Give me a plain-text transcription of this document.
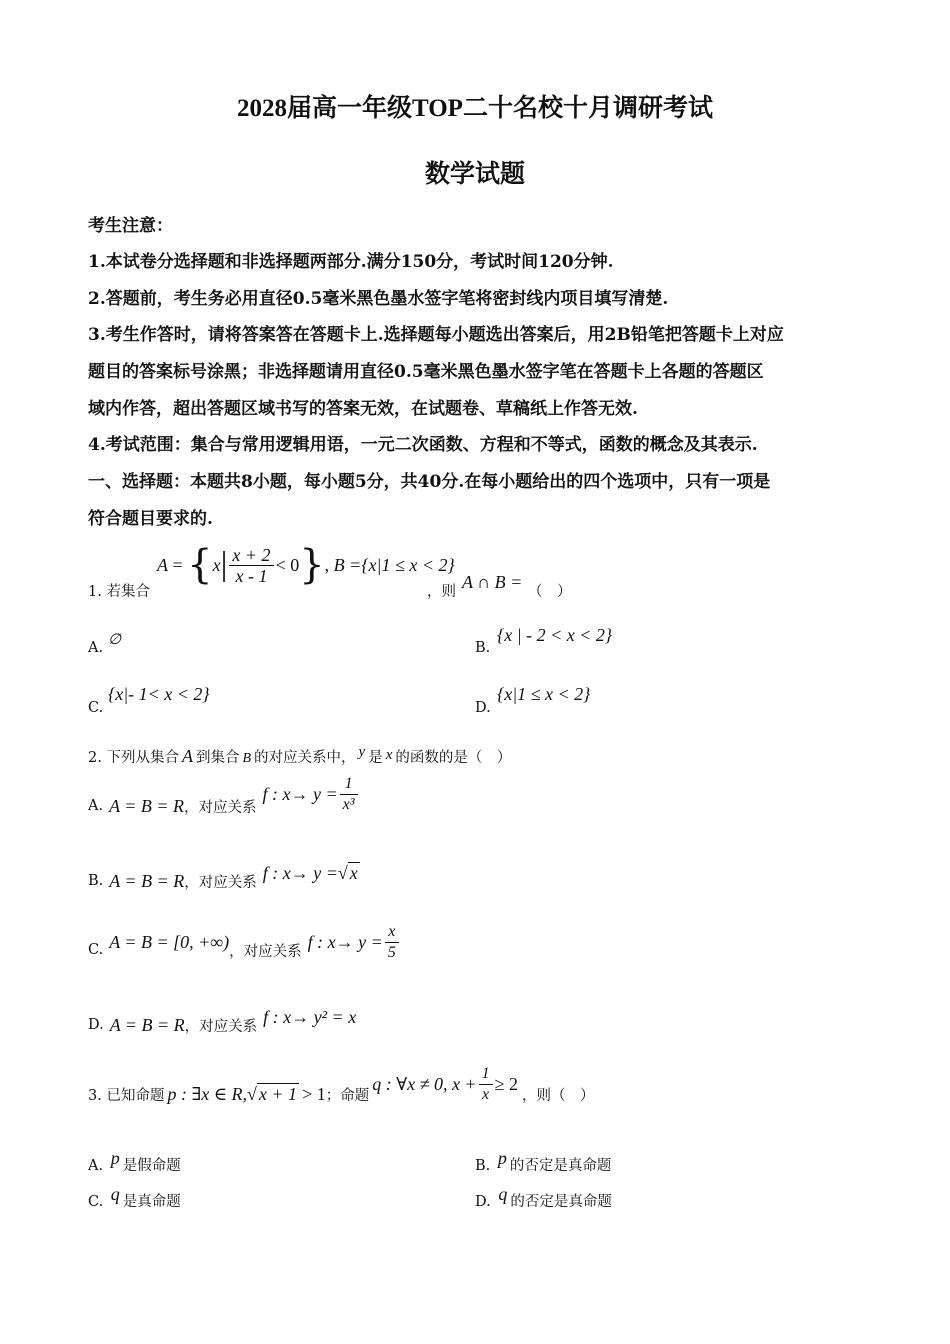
2028届高一年级TOP二十名校十月调研考试
数学试题
考生注意：
1.本试卷分选择题和非选择题两部分.满分150分，考试时间120分钟.
2.答题前，考生务必用直径0.5毫米黑色墨水签字笔将密封线内项目填写清楚.
3.考生作答时，请将答案答在答题卡上.选择题每小题选出答案后，用2B铅笔把答题卡上对应
题目的答案标号涂黑；非选择题请用直径0.5毫米黑色墨水签字笔在答题卡上各题的答题区
域内作答，超出答题区域书写的答案无效，在试题卷、草稿纸上作答无效.
4.考试范围：集合与常用逻辑用语，一元二次函数、方程和不等式，函数的概念及其表示.
一、选择题：本题共8小题，每小题5分，共40分.在每小题给出的四个选项中，只有一项是
符合题目要求的.
1. 若集合
A = { x | $\frac{x + 2}{x - 1} < 0$ } , B ={x|1 ≤ x < 2}
，则 A ∩ B = （　）
A. ∅	B.
{x | - 2 < x < 2}
C.
{x|- 1< x < 2}
D.
{x|1 ≤ x < 2}
2. 下列从集合 A 到集合 B 的对应关系中， y 是 x 的函数的是（　）
A. A = B = R ，对应关系
f : $x\to y = \frac{1}{\text{x³}}$
B. A = B = R ，对应关系 f : x→ y = √ x
C. A = B = [0, +∞) ，对应关系 f : $x\to y = \frac{x}{5}$
D. A = B = R ，对应关系 f : x→ y² = x
3. 已知命题 p : ∃x ∈ R, √ x + 1 > 1 ；命题
q : ∀x ≠ 0, $x + \frac{1}{x} \ge 2$
，则（　）
A. p 是假命题	B. p 的否定是真命题
C. q 是真命题	D. q 的否定是真命题
